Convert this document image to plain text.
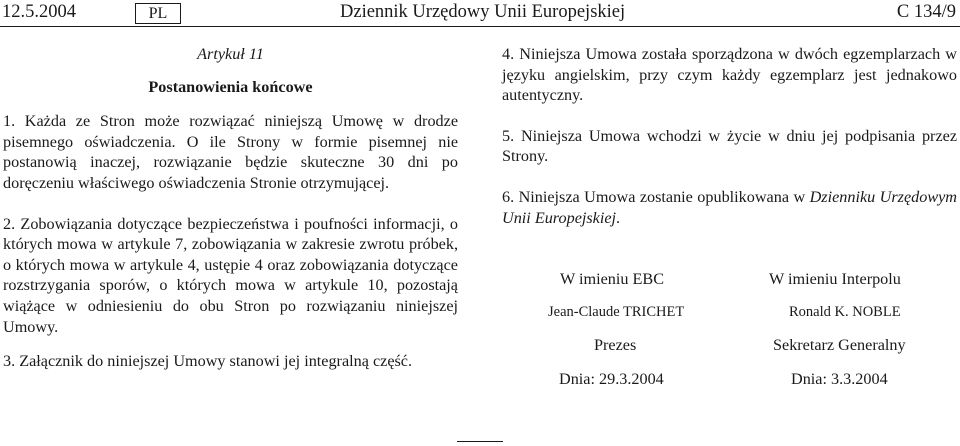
12.5.2004	PL	Dziennik Urzędowy Unii Europejskiej	C 134/9

Artykuł 11

Postanowienia końcowe

1. Każda ze Stron może rozwiązać niniejszą Umowę w drodze pisemnego oświadczenia. O ile Strony w formie pisemnej nie postanowią inaczej, rozwiązanie będzie skuteczne 30 dni po doręczeniu właściwego oświadczenia Stronie otrzymującej.

2. Zobowiązania dotyczące bezpieczeństwa i poufności informacji, o których mowa w artykule 7, zobowiązania w zakresie zwrotu próbek, o których mowa w artykule 4, ustępie 4 oraz zobowiązania dotyczące rozstrzygania sporów, o których mowa w artykule 10, pozostają wiążące w odniesieniu do obu Stron po rozwiązaniu niniejszej Umowy.

3. Załącznik do niniejszej Umowy stanowi jej integralną część.

4. Niniejsza Umowa została sporządzona w dwóch egzemplarzach w języku angielskim, przy czym każdy egzemplarz jest jednakowo autentyczny.

5. Niniejsza Umowa wchodzi w życie w dniu jej podpisania przez Strony.

6. Niniejsza Umowa zostanie opublikowana w Dzienniku Urzędowym Unii Europejskiej.

W imieniu EBC
Jean-Claude TRICHET
Prezes
Dnia: 29.3.2004
W imieniu Interpolu
Ronald K. NOBLE
Sekretarz Generalny
Dnia: 3.3.2004
